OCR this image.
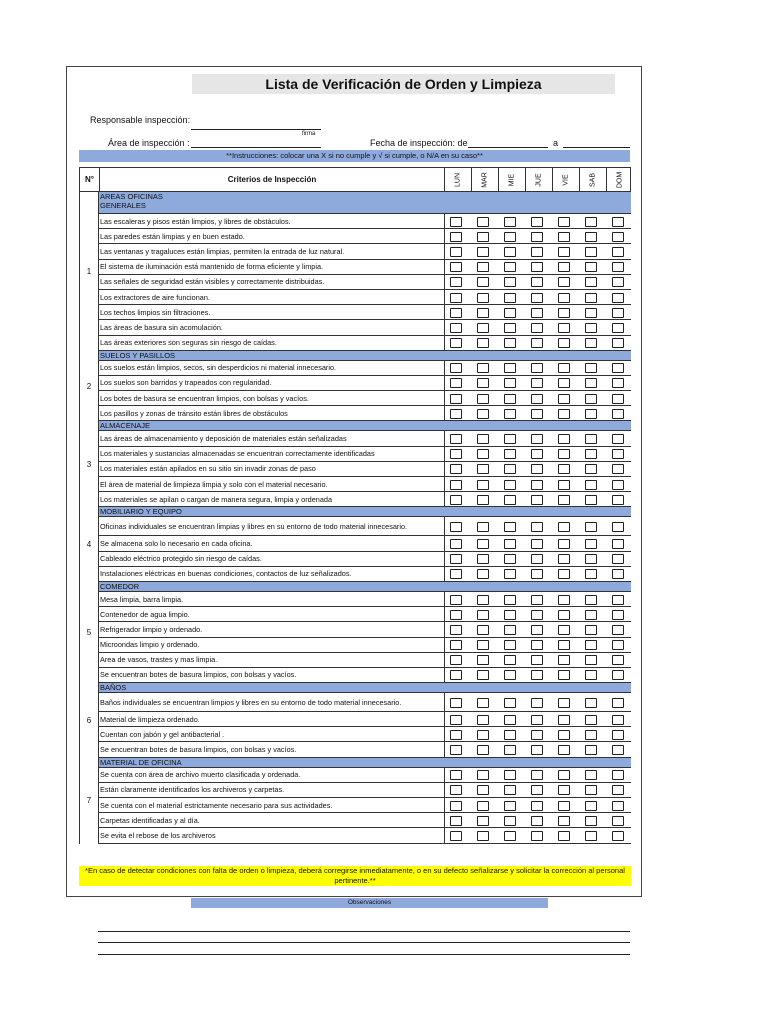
Lista de Verificación de Orden y Limpieza
Responsable inspección:
firma
Área de inspección :	Fecha de inspección: de	a
**Instrucciones: colocar una X si no cumple y √ si cumple, o N/A en su caso**
N°	Criterios de Inspección	LUN	MAR	MIE	JUE	VIE	SAB	DOM
1
AREAS OFICINAS
GENERALES
Las escaleras y pisos están limpios, y libres de obstáculos.
Las paredes están limpias y en buen estado.
Las ventanas y tragaluces están limpias, permiten la entrada de luz natural.
El sistema de iluminación está mantenido de forma eficiente y limpia.
Las señales de seguridad están visibles y correctamente distribuidas.
Los extractores de aire funcionan.
Los techos limpios sin filtraciones.
Las áreas de basura sin acomulación.
Las áreas exteriores son seguras sin riesgo de caídas.
2
SUELOS Y PASILLOS
Los suelos están limpios, secos, sin desperdicios ni material innecesario.
Los suelos son barridos y trapeados con regularidad.
Los botes de basura se encuentran limpios, con bolsas y vacíos.
Los pasillos y zonas de tránsito están libres de obstáculos
3
ALMACENAJE
Las áreas de almacenamiento y deposición de materiales están señalizadas
Los materiales y sustancias almacenadas se encuentran correctamente identificadas
Los materiales están apilados en su sitio sin invadir zonas de paso
El área de material de limpieza limpia y solo con el material necesario.
Los materiales se apilan o cargan de manera segura, limpia y ordenada
4
MOBILIARIO Y EQUIPO
Oficinas individuales se encuentran limpias y libres en su entorno de todo material innecesario.
Se almacena solo lo necesario en cada oficina.
Cableado eléctrico protegido sin riesgo de caídas.
Instalaciones eléctricas en buenas condiciones, contactos de luz señalizados.
5
COMEDOR
Mesa limpia, barra limpia.
Contenedor de agua limpio.
Refrigerador limpio y ordenado.
Microondas limpio y ordenado.
Area de vasos, trastes y mas limpia.
Se encuentran botes de basura limpios, con bolsas y vacíos.
6
BAÑOS
Baños individuales se encuentran limpios y libres en su entorno de todo material innecesario.
Material de limpieza ordenado.
Cuentan con jabón y gel antibacterial .
Se encuentran botes de basura limpios, con bolsas y vacíos.
7
MATERIAL DE OFICINA
Se cuenta con área de archivo muerto clasificada y ordenada.
Están claramente identificados los archiveros y carpetas.
Se cuenta con el material estrictamente necesario para sus actividades.
Carpetas identificadas y al día.
Se evita el rebose de los archiveros
*En caso de detectar condiciones con falta de orden o limpieza, deberá corregirse inmediatamente, o en su defecto señalizarse y solicitar la corrección al personal pertinente.**
Observaciones
